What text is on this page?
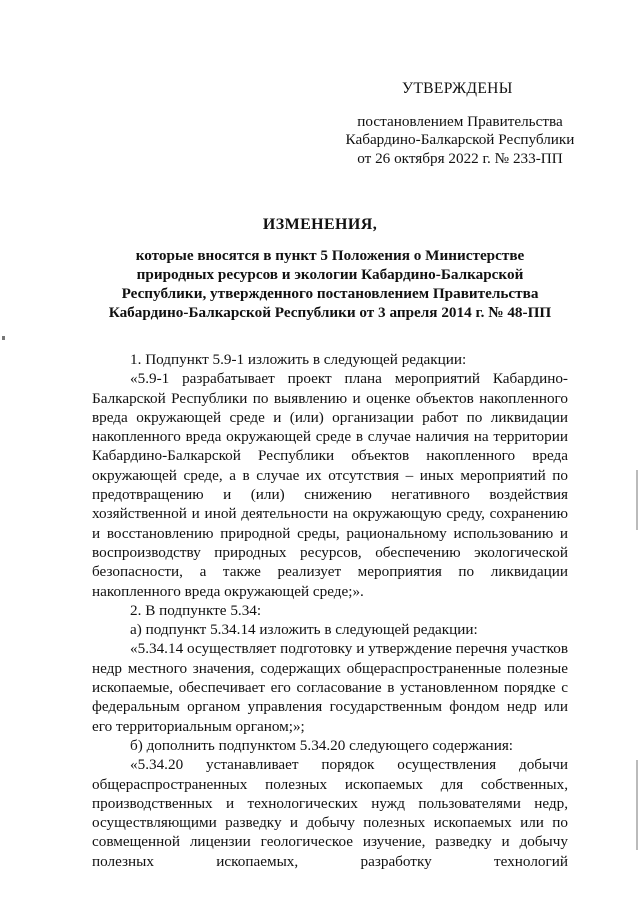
УТВЕРЖДЕНЫ
постановлением Правительства
Кабардино-Балкарской Республики
от 26 октября 2022 г. № 233-ПП
ИЗМЕНЕНИЯ,
которые вносятся в пункт 5 Положения о Министерстве
природных ресурсов и экологии Кабардино-Балкарской
Республики, утвержденного постановлением Правительства
Кабардино-Балкарской Республики от 3 апреля 2014 г. № 48-ПП

1. Подпункт 5.9-1 изложить в следующей редакции:

«5.9-1 разрабатывает проект плана мероприятий Кабардино-Балкарской Республики по выявлению и оценке объектов накопленного вреда окружающей среде и (или) организации работ по ликвидации накопленного вреда окружающей среде в случае наличия на территории Кабардино-Балкарской Республики объектов накопленного вреда окружающей среде, а в случае их отсутствия – иных мероприятий по предотвращению и (или) снижению негативного воздействия хозяйственной и иной деятельности на окружающую среду, сохранению и восстановлению природной среды, рациональному использованию и воспроизводству природных ресурсов, обеспечению экологической безопасности, а также реализует мероприятия по ликвидации накопленного вреда окружающей среде;».

2. В подпункте 5.34:

а) подпункт 5.34.14 изложить в следующей редакции:

«5.34.14 осуществляет подготовку и утверждение перечня участков недр местного значения, содержащих общераспространенные полезные ископаемые, обеспечивает его согласование в установленном порядке с федеральным органом управления государственным фондом недр или его территориальным органом;»;

б) дополнить подпунктом 5.34.20 следующего содержания:

«5.34.20 устанавливает порядок осуществления добычи общераспространенных полезных ископаемых для собственных, производственных и технологических нужд пользователями недр, осуществляющими разведку и добычу полезных ископаемых или по совмещенной лицензии геологическое изучение, разведку и добычу полезных ископаемых, разработку технологий
